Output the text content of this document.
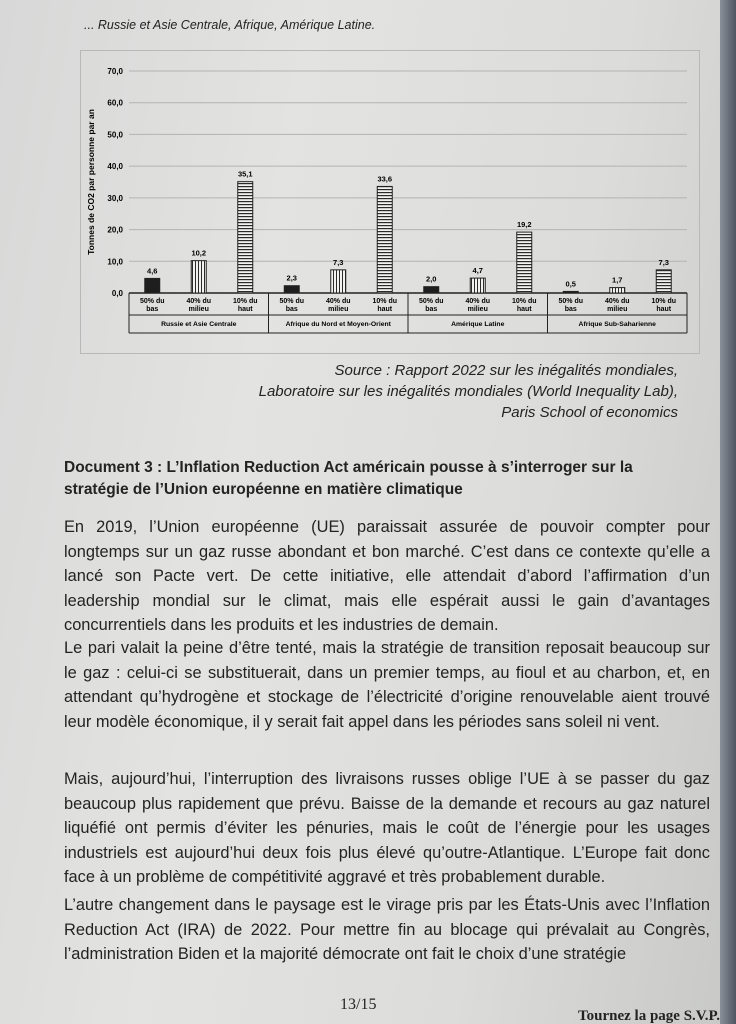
... Russie et Asie Centrale, Afrique, Amérique Latine.
Tonnes de CO2 par personne par an
0,0
10,0
20,0
30,0
40,0
50,0
60,0
70,0
4,6
50% du
bas
10,2
40% du
milieu
35,1
10% du
haut
Russie et Asie Centrale
2,3
50% du
bas
7,3
40% du
milieu
33,6
10% du
haut
Afrique du Nord et Moyen-Orient
2,0
50% du
bas
4,7
40% du
milieu
19,2
10% du
haut
Amérique Latine
0,5
50% du
bas
1,7
40% du
milieu
7,3
10% du
haut
Afrique Sub-Saharienne
Source : Rapport 2022 sur les inégalités mondiales,
Laboratoire sur les inégalités mondiales (World Inequality Lab),
Paris School of economics
Document 3 : L’Inflation Reduction Act américain pousse à s’interroger sur la stratégie de l’Union européenne en matière climatique
En 2019, l’Union européenne (UE) paraissait assurée de pouvoir compter pour longtemps sur un gaz russe abondant et bon marché. C’est dans ce contexte qu’elle a lancé son Pacte vert. De cette initiative, elle attendait d’abord l’affirmation d’un leadership mondial sur le climat, mais elle espérait aussi le gain d’avantages concurrentiels dans les produits et les industries de demain.
Le pari valait la peine d’être tenté, mais la stratégie de transition reposait beaucoup sur le gaz : celui-ci se substituerait, dans un premier temps, au fioul et au charbon, et, en attendant qu’hydrogène et stockage de l’électricité d’origine renouvelable aient trouvé leur modèle économique, il y serait fait appel dans les périodes sans soleil ni vent.
Mais, aujourd’hui, l’interruption des livraisons russes oblige l’UE à se passer du gaz beaucoup plus rapidement que prévu. Baisse de la demande et recours au gaz naturel liquéfié ont permis d’éviter les pénuries, mais le coût de l’énergie pour les usages industriels est aujourd’hui deux fois plus élevé qu’outre-Atlantique. L’Europe fait donc face à un problème de compétitivité aggravé et très probablement durable.
L’autre changement dans le paysage est le virage pris par les États-Unis avec l’Inflation Reduction Act (IRA) de 2022. Pour mettre fin au blocage qui prévalait au Congrès, l’administration Biden et la majorité démocrate ont fait le choix d’une stratégie
13/15
Tournez la page S.V.P.
